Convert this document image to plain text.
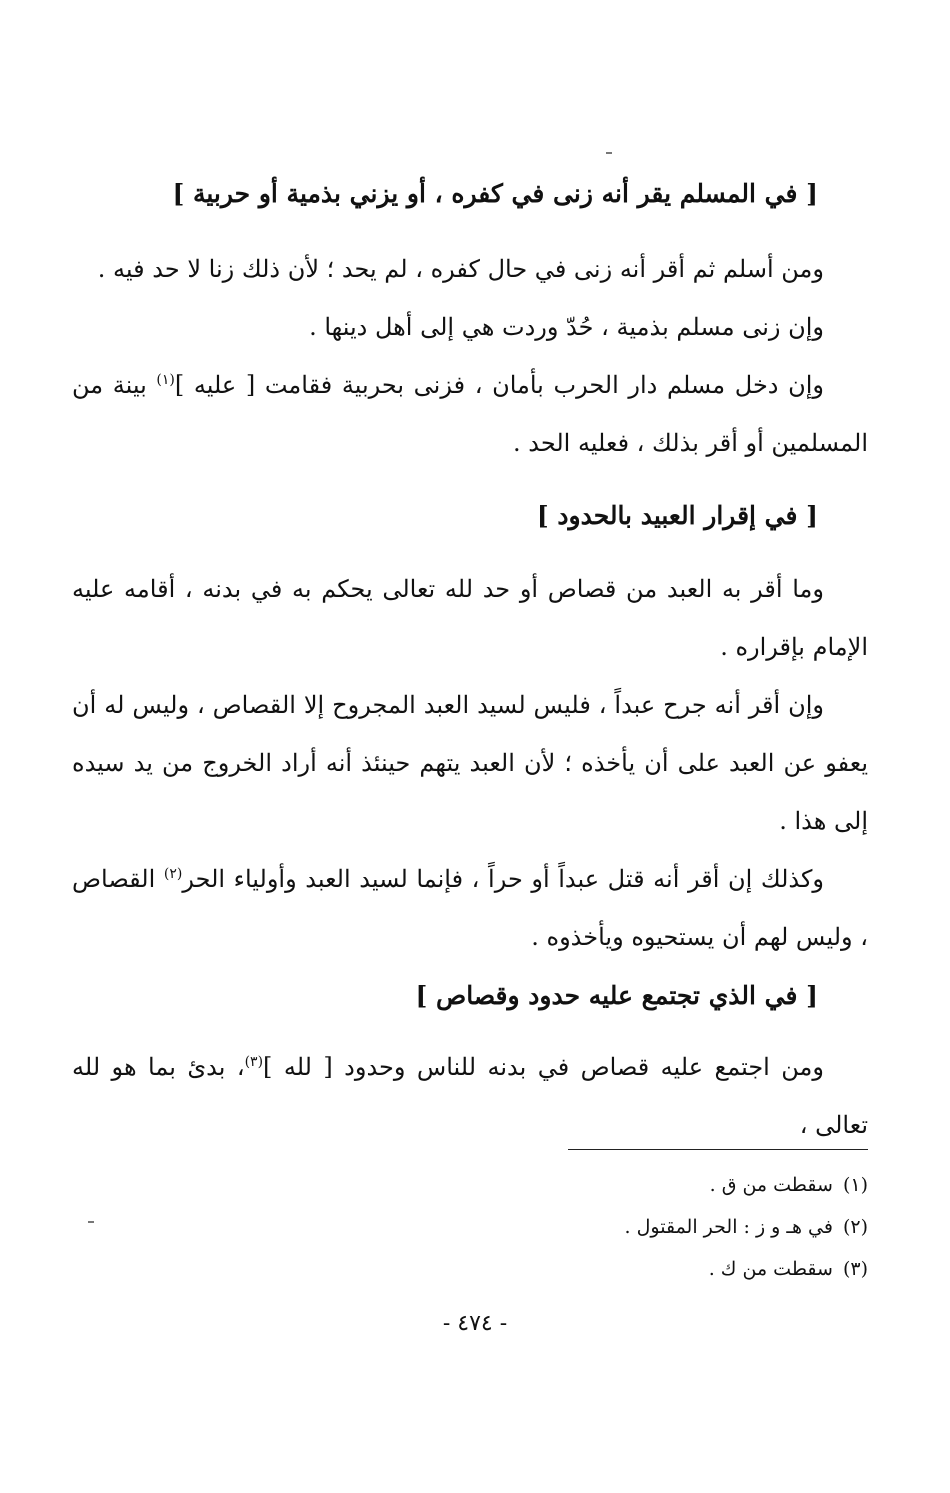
[ في المسلم يقر أنه زنى في كفره ، أو يزني بذمية أو حربية ]

ومن أسلم ثم أقر أنه زنى في حال كفره ، لم يحد ؛ لأن ذلك زنا لا حد فيه .

وإن زنى مسلم بذمية ، حُدّ وردت هي إلى أهل دينها .

وإن دخل مسلم دار الحرب بأمان ، فزنى بحربية فقامت [ عليه ]$^{(١)}$ بينة من المسلمين أو أقر بذلك ، فعليه الحد .

[ في إقرار العبيد بالحدود ]

وما أقر به العبد من قصاص أو حد لله تعالى يحكم به في بدنه ، أقامه عليه الإمام بإقراره .

وإن أقر أنه جرح عبداً ، فليس لسيد العبد المجروح إلا القصاص ، وليس له أن يعفو عن العبد على أن يأخذه ؛ لأن العبد يتهم حينئذ أنه أراد الخروج من يد سيده إلى هذا .

وكذلك إن أقر أنه قتل عبداً أو حراً ، فإنما لسيد العبد وأولياء الحر$^{(٢)}$ القصاص ، وليس لهم أن يستحيوه ويأخذوه .

[ في الذي تجتمع عليه حدود وقصاص ]

ومن اجتمع عليه قصاص في بدنه للناس وحدود [ لله ]$^{(٣)}$، بدئ بما هو لله تعالى ،

(١)سقطت من ق .
(٢)في هـ و ز : الحر المقتول .
(٣)سقطت من ك .
- ٤٧٤ -
